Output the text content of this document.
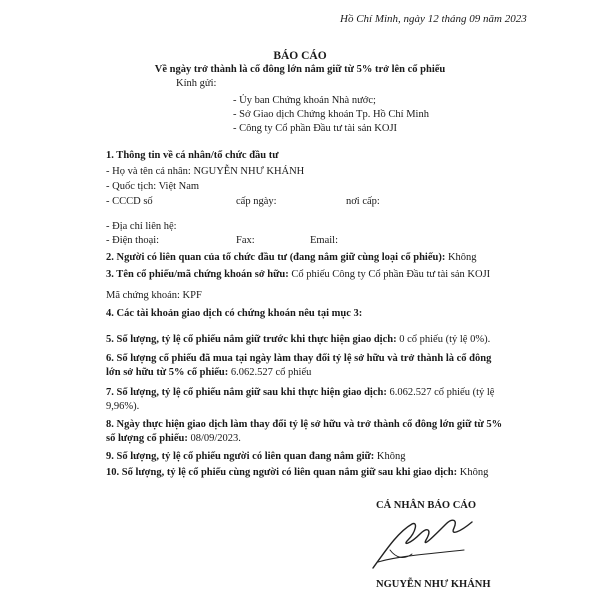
Hồ Chí Minh, ngày 12 tháng 09 năm 2023
BÁO CÁO
Về ngày trở thành là cổ đông lớn nắm giữ từ 5% trở lên cổ phiếu
Kính gửi:
- Ủy ban Chứng khoán Nhà nước;
- Sở Giao dịch Chứng khoán Tp. Hồ Chí Minh
- Công ty Cổ phần Đầu tư tài sản KOJI
1. Thông tin về cá nhân/tổ chức đầu tư
- Họ và tên cá nhân: NGUYỄN NHƯ KHÁNH
- Quốc tịch: Việt Nam
- CCCD số	cấp ngày:	nơi cấp:
- Địa chỉ liên hệ:
- Điện thoại:	Fax:	Email:
2. Người có liên quan của tổ chức đầu tư (đang nắm giữ cùng loại cổ phiếu): Không
3. Tên cổ phiếu/mã chứng khoán sở hữu: Cổ phiếu Công ty Cổ phần Đầu tư tài sản KOJI
Mã chứng khoán: KPF
4. Các tài khoản giao dịch có chứng khoán nêu tại mục 3:
5. Số lượng, tỷ lệ cổ phiếu nắm giữ trước khi thực hiện giao dịch: 0 cổ phiếu (tỷ lệ 0%).
6. Số lượng cổ phiếu đã mua tại ngày làm thay đổi tỷ lệ sở hữu và trở thành là cổ đông
lớn sở hữu từ 5% cổ phiếu: 6.062.527 cổ phiếu
7. Số lượng, tỷ lệ cổ phiếu nắm giữ sau khi thực hiện giao dịch: 6.062.527 cổ phiếu (tỷ lệ
9,96%).
8. Ngày thực hiện giao dịch làm thay đổi tỷ lệ sở hữu và trở thành cổ đông lớn giữ từ 5%
số lượng cổ phiếu: 08/09/2023.
9. Số lượng, tỷ lệ cổ phiếu người có liên quan đang nắm giữ: Không
10. Số lượng, tỷ lệ cổ phiếu cùng người có liên quan nắm giữ sau khi giao dịch: Không
CÁ NHÂN BÁO CÁO
NGUYỄN NHƯ KHÁNH
